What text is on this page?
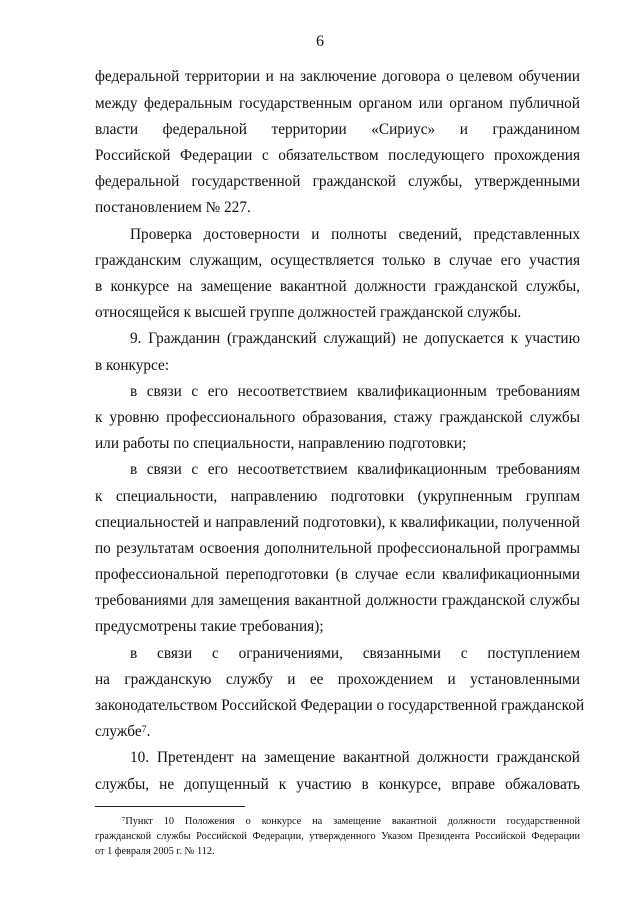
6
федеральной территории и на заключение договора о целевом обучении
между федеральным государственным органом или органом публичной
власти федеральной территории «Сириус» и гражданином
Российской Федерации с обязательством последующего прохождения
федеральной государственной гражданской службы, утвержденными
постановлением № 227.
Проверка достоверности и полноты сведений, представленных
гражданским служащим, осуществляется только в случае его участия
в конкурсе на замещение вакантной должности гражданской службы,
относящейся к высшей группе должностей гражданской службы.
9. Гражданин (гражданский служащий) не допускается к участию
в конкурсе:
в связи с его несоответствием квалификационным требованиям
к уровню профессионального образования, стажу гражданской службы
или работы по специальности, направлению подготовки;
в связи с его несоответствием квалификационным требованиям
к специальности, направлению подготовки (укрупненным группам
специальностей и направлений подготовки), к квалификации, полученной
по результатам освоения дополнительной профессиональной программы
профессиональной переподготовки (в случае если квалификационными
требованиями для замещения вакантной должности гражданской службы
предусмотрены такие требования);
в связи с ограничениями, связанными с поступлением
на гражданскую службу и ее прохождением и установленными
законодательством Российской Федерации о государственной гражданской
службе$^7$.
10. Претендент на замещение вакантной должности гражданской
службы, не допущенный к участию в конкурсе, вправе обжаловать
$^7$Пункт 10 Положения о конкурсе на замещение вакантной должности государственной
гражданской службы Российской Федерации, утвержденного Указом Президента Российской Федерации
от 1 февраля 2005 г. № 112.
